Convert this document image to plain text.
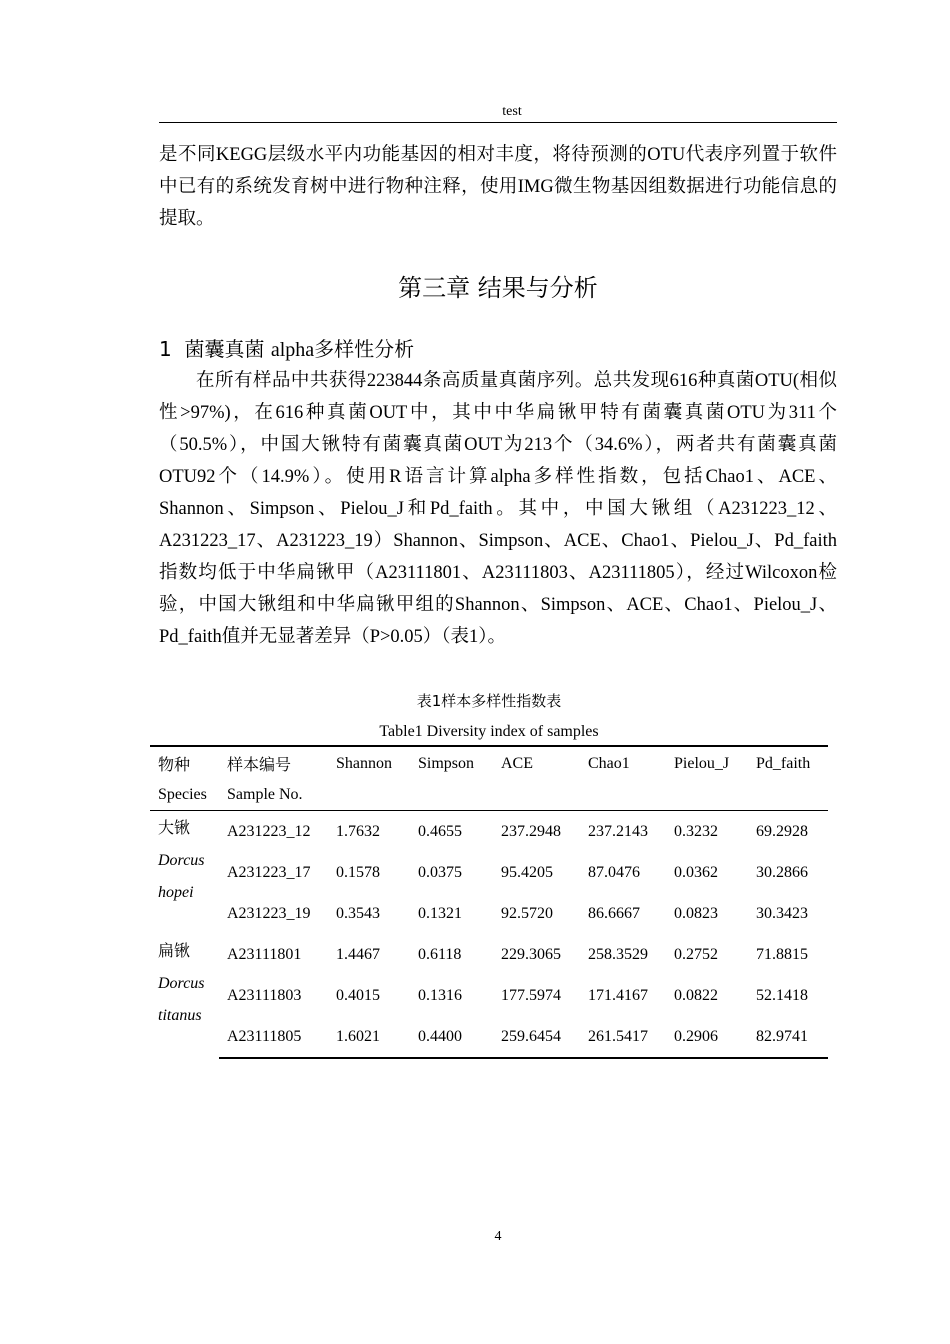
test

是不同KEGG层级水平内功能基因的相对丰度，将待预测的OTU代表序列置于软件中已有的系统发育树中进行物种注释，使用IMG微生物基因组数据进行功能信息的提取。

第三章 结果与分析
1 菌囊真菌 alpha多样性分析

在所有样品中共获得223844条高质量真菌序列。总共发现616种真菌OTU(相似性>97%)，在616种真菌OUT中，其中中华扁锹甲特有菌囊真菌OTU为311个（50.5%），中国大锹特有菌囊真菌OUT为213个（34.6%），两者共有菌囊真菌OTU92个（14.9%）。使用R语言计算alpha多样性指数，包括Chao1、ACE、Shannon、Simpson、Pielou_J和Pd_faith。其中，中国大锹组（A231223_12、A231223_17、A231223_19）Shannon、Simpson、ACE、Chao1、Pielou_J、Pd_faith指数均低于中华扁锹甲（A23111801、A23111803、A23111805），经过Wilcoxon检验，中国大锹组和中华扁锹甲组的Shannon、Simpson、ACE、Chao1、Pielou_J、Pd_faith值并无显著差异（P>0.05）（表1）。

表1样本多样性指数表
Table1 Diversity index of samples
物种	样本编号	Shannon	Simpson	ACE	Chao1	Pielou_J	Pd_faith
Species	Sample No.						
大锹
Dorcus
hopei	A231223_12	1.7632	0.4655	237.2948	237.2143	0.3232	69.2928
	A231223_17	0.1578	0.0375	95.4205	87.0476	0.0362	30.2866
	A231223_19	0.3543	0.1321	92.5720	86.6667	0.0823	30.3423
扁锹
Dorcus
titanus	A23111801	1.4467	0.6118	229.3065	258.3529	0.2752	71.8815
	A23111803	0.4015	0.1316	177.5974	171.4167	0.0822	52.1418
	A23111805	1.6021	0.4400	259.6454	261.5417	0.2906	82.9741
4
